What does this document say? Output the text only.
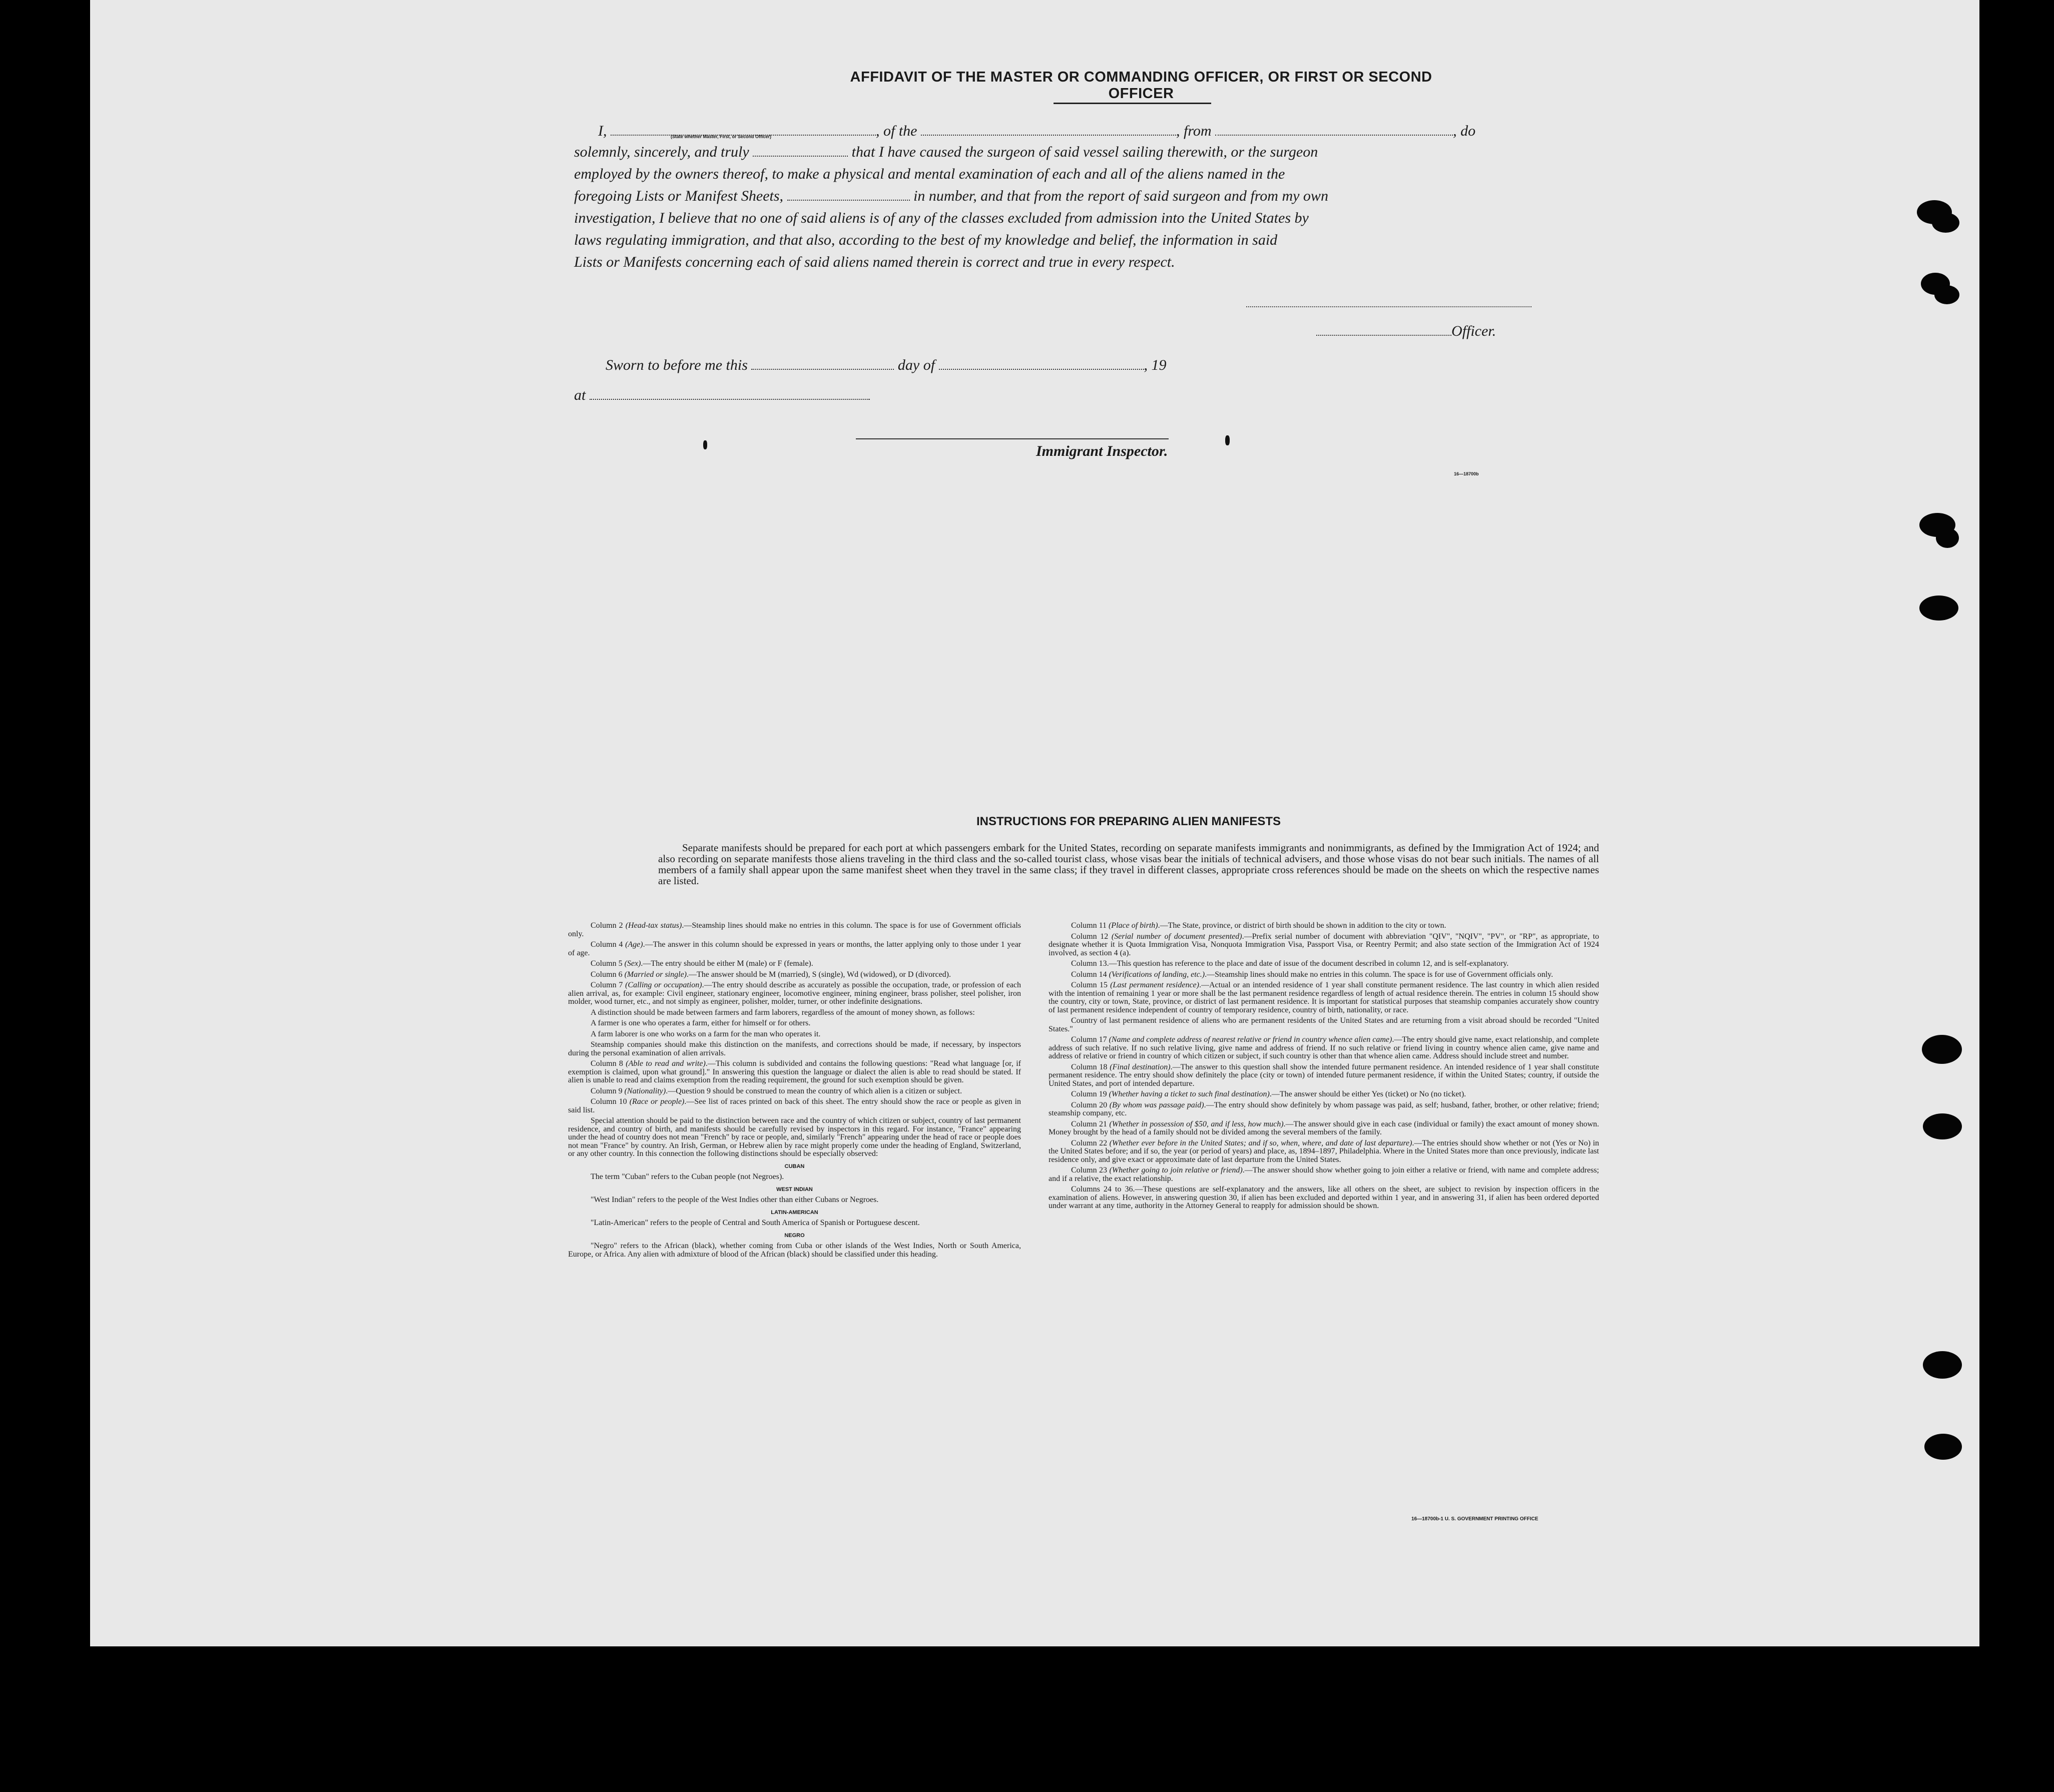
AFFIDAVIT OF THE MASTER OR COMMANDING OFFICER, OR FIRST OR SECOND OFFICER
I,	, of the	, from	, do
(State whether Master, First, or Second Officer)
solemnly, sincerely, and truly	that I have caused the surgeon of said vessel sailing therewith, or the surgeon
employed by the owners thereof, to make a physical and mental examination of each and all of the aliens named in the
foregoing Lists or Manifest Sheets,	in number, and that from the report of said surgeon and from my own
investigation, I believe that no one of said aliens is of any of the classes excluded from admission into the United States by
laws regulating immigration, and that also, according to the best of my knowledge and belief, the information in said
Lists or Manifests concerning each of said aliens named therein is correct and true in every respect.
Officer.
Sworn to before me this	day of	, 19
at
Immigrant Inspector.
16—18700b
INSTRUCTIONS FOR PREPARING ALIEN MANIFESTS
Separate manifests should be prepared for each port at which passengers embark for the United States, recording on separate manifests immigrants and nonimmigrants, as defined by the Immigration Act of 1924; and also recording on separate manifests those aliens traveling in the third class and the so-called tourist class, whose visas bear the initials of technical advisers, and those whose visas do not bear such initials. The names of all members of a family shall appear upon the same manifest sheet when they travel in the same class; if they travel in different classes, appropriate cross references should be made on the sheets on which the respective names are listed.

Column 2 (Head-tax status).—Steamship lines should make no entries in this column. The space is for use of Government officials only.

Column 4 (Age).—The answer in this column should be expressed in years or months, the latter applying only to those under 1 year of age.

Column 5 (Sex).—The entry should be either M (male) or F (female).

Column 6 (Married or single).—The answer should be M (married), S (single), Wd (widowed), or D (divorced).

Column 7 (Calling or occupation).—The entry should describe as accurately as possible the occupation, trade, or profession of each alien arrival, as, for example: Civil engineer, stationary engineer, locomotive engineer, mining engineer, brass polisher, steel polisher, iron molder, wood turner, etc., and not simply as engineer, polisher, molder, turner, or other indefinite designations.

A distinction should be made between farmers and farm laborers, regardless of the amount of money shown, as follows:

A farmer is one who operates a farm, either for himself or for others.

A farm laborer is one who works on a farm for the man who operates it.

Steamship companies should make this distinction on the manifests, and corrections should be made, if necessary, by inspectors during the personal examination of alien arrivals.

Column 8 (Able to read and write).—This column is subdivided and contains the following questions: "Read what language [or, if exemption is claimed, upon what ground]." In answering this question the language or dialect the alien is able to read should be stated. If alien is unable to read and claims exemption from the reading requirement, the ground for such exemption should be given.

Column 9 (Nationality).—Question 9 should be construed to mean the country of which alien is a citizen or subject.

Column 10 (Race or people).—See list of races printed on back of this sheet. The entry should show the race or people as given in said list.

Special attention should be paid to the distinction between race and the country of which citizen or subject, country of last permanent residence, and country of birth, and manifests should be carefully revised by inspectors in this regard. For instance, "France" appearing under the head of country does not mean "French" by race or people, and, similarly "French" appearing under the head of race or people does not mean "France" by country. An Irish, German, or Hebrew alien by race might properly come under the heading of England, Switzerland, or any other country. In this connection the following distinctions should be especially observed:

CUBAN

The term "Cuban" refers to the Cuban people (not Negroes).

WEST INDIAN

"West Indian" refers to the people of the West Indies other than either Cubans or Negroes.

LATIN-AMERICAN

"Latin-American" refers to the people of Central and South America of Spanish or Portuguese descent.

NEGRO

"Negro" refers to the African (black), whether coming from Cuba or other islands of the West Indies, North or South America, Europe, or Africa. Any alien with admixture of blood of the African (black) should be classified under this heading.

Column 11 (Place of birth).—The State, province, or district of birth should be shown in addition to the city or town.

Column 12 (Serial number of document presented).—Prefix serial number of document with abbreviation "QIV", "NQIV", "PV", or "RP", as appropriate, to designate whether it is Quota Immigration Visa, Nonquota Immigration Visa, Passport Visa, or Reentry Permit; and also state section of the Immigration Act of 1924 involved, as section 4 (a).

Column 13.—This question has reference to the place and date of issue of the document described in column 12, and is self-explanatory.

Column 14 (Verifications of landing, etc.).—Steamship lines should make no entries in this column. The space is for use of Government officials only.

Column 15 (Last permanent residence).—Actual or an intended residence of 1 year shall constitute permanent residence. The last country in which alien resided with the intention of remaining 1 year or more shall be the last permanent residence regardless of length of actual residence therein. The entries in column 15 should show the country, city or town, State, province, or district of last permanent residence. It is important for statistical purposes that steamship companies accurately show country of last permanent residence independent of country of temporary residence, country of birth, nationality, or race.

Country of last permanent residence of aliens who are permanent residents of the United States and are returning from a visit abroad should be recorded "United States."

Column 17 (Name and complete address of nearest relative or friend in country whence alien came).—The entry should give name, exact relationship, and complete address of such relative. If no such relative living, give name and address of friend. If no such relative or friend living in country whence alien came, give name and address of relative or friend in country of which citizen or subject, if such country is other than that whence alien came. Address should include street and number.

Column 18 (Final destination).—The answer to this question shall show the intended future permanent residence. An intended residence of 1 year shall constitute permanent residence. The entry should show definitely the place (city or town) of intended future permanent residence, if within the United States; country, if outside the United States, and port of intended departure.

Column 19 (Whether having a ticket to such final destination).—The answer should be either Yes (ticket) or No (no ticket).

Column 20 (By whom was passage paid).—The entry should show definitely by whom passage was paid, as self; husband, father, brother, or other relative; friend; steamship company, etc.

Column 21 (Whether in possession of $50, and if less, how much).—The answer should give in each case (individual or family) the exact amount of money shown. Money brought by the head of a family should not be divided among the several members of the family.

Column 22 (Whether ever before in the United States; and if so, when, where, and date of last departure).—The entries should show whether or not (Yes or No) in the United States before; and if so, the year (or period of years) and place, as, 1894–1897, Philadelphia. Where in the United States more than once previously, indicate last residence only, and give exact or approximate date of last departure from the United States.

Column 23 (Whether going to join relative or friend).—The answer should show whether going to join either a relative or friend, with name and complete address; and if a relative, the exact relationship.

Columns 24 to 36.—These questions are self-explanatory and the answers, like all others on the sheet, are subject to revision by inspection officers in the examination of aliens. However, in answering question 30, if alien has been excluded and deported within 1 year, and in answering 31, if alien has been ordered deported under warrant at any time, authority in the Attorney General to reapply for admission should be shown.

16—18700b-1 U. S. GOVERNMENT PRINTING OFFICE
